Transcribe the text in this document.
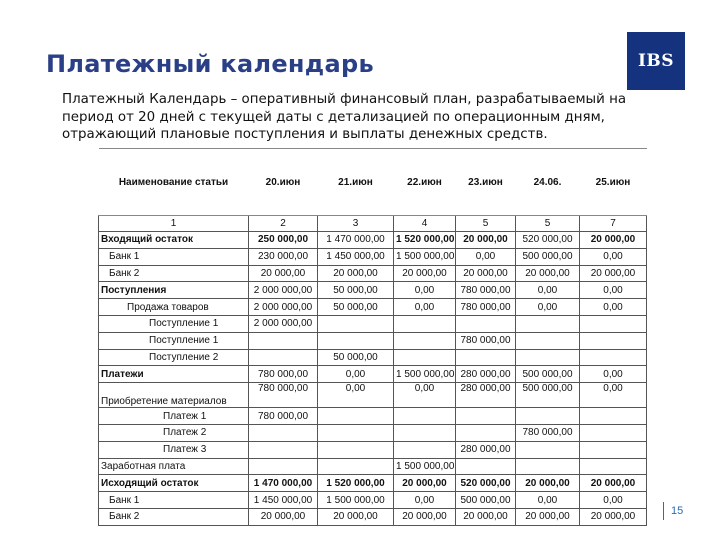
Платежный календарь	IBS

Платежный Календарь – оперативный финансовый план, разрабатываемый на период от 20 дней с текущей даты с детализацией по операционным дням, отражающий плановые поступления и выплаты денежных средств.

Наименование статьи	20.июн	21.июн	22.июн	23.июн	24.06.	25.июн
1	2	3	4	5	5	7
Входящий остаток	250 000,00	1 470 000,00	1 520 000,00	20 000,00	520 000,00	20 000,00
Банк 1	230 000,00	1 450 000,00	1 500 000,00	0,00	500 000,00	0,00
Банк 2	20 000,00	20 000,00	20 000,00	20 000,00	20 000,00	20 000,00
Поступления	2 000 000,00	50 000,00	0,00	780 000,00	0,00	0,00
Продажа товаров	2 000 000,00	50 000,00	0,00	780 000,00	0,00	0,00
Поступление 1	2 000 000,00					
Поступление 1				780 000,00		
Поступление 2		50 000,00				
Платежи	780 000,00	0,00	1 500 000,00	280 000,00	500 000,00	0,00
Приобретение материалов	780 000,00	0,00	0,00	280 000,00	500 000,00	0,00
Платеж 1	780 000,00					
Платеж 2					780 000,00	
Платеж 3				280 000,00		
Заработная плата			1 500 000,00			
Исходящий остаток	1 470 000,00	1 520 000,00	20 000,00	520 000,00	20 000,00	20 000,00
Банк 1	1 450 000,00	1 500 000,00	0,00	500 000,00	0,00	0,00
Банк 2	20 000,00	20 000,00	20 000,00	20 000,00	20 000,00	20 000,00	15
